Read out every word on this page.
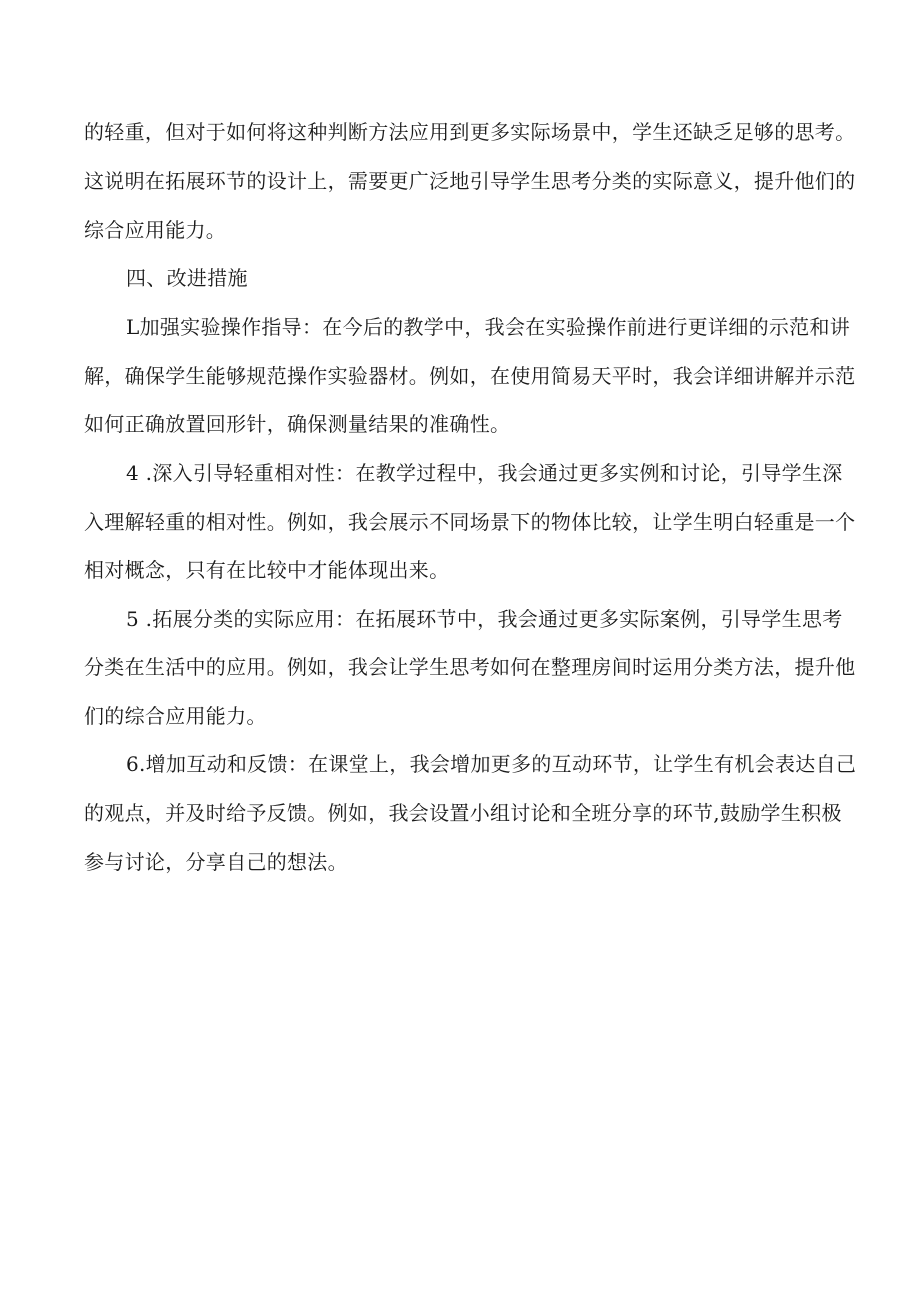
的轻重，但对于如何将这种判断方法应用到更多实际场景中，学生还缺乏足够的思考。

这说明在拓展环节的设计上，需要更广泛地引导学生思考分类的实际意义，提升他们的

综合应用能力。

四、改进措施

L加强实验操作指导：在今后的教学中，我会在实验操作前进行更详细的示范和讲

解，确保学生能够规范操作实验器材。例如，在使用简易天平时，我会详细讲解并示范

如何正确放置回形针，确保测量结果的准确性。

4 .深入引导轻重相对性：在教学过程中，我会通过更多实例和讨论，引导学生深

入理解轻重的相对性。例如，我会展示不同场景下的物体比较，让学生明白轻重是一个

相对概念，只有在比较中才能体现出来。

5 .拓展分类的实际应用：在拓展环节中，我会通过更多实际案例，引导学生思考

分类在生活中的应用。例如，我会让学生思考如何在整理房间时运用分类方法，提升他

们的综合应用能力。

6.增加互动和反馈：在课堂上，我会增加更多的互动环节，让学生有机会表达自己

的观点，并及时给予反馈。例如，我会设置小组讨论和全班分享的环节,鼓励学生积极

参与讨论，分享自己的想法。
